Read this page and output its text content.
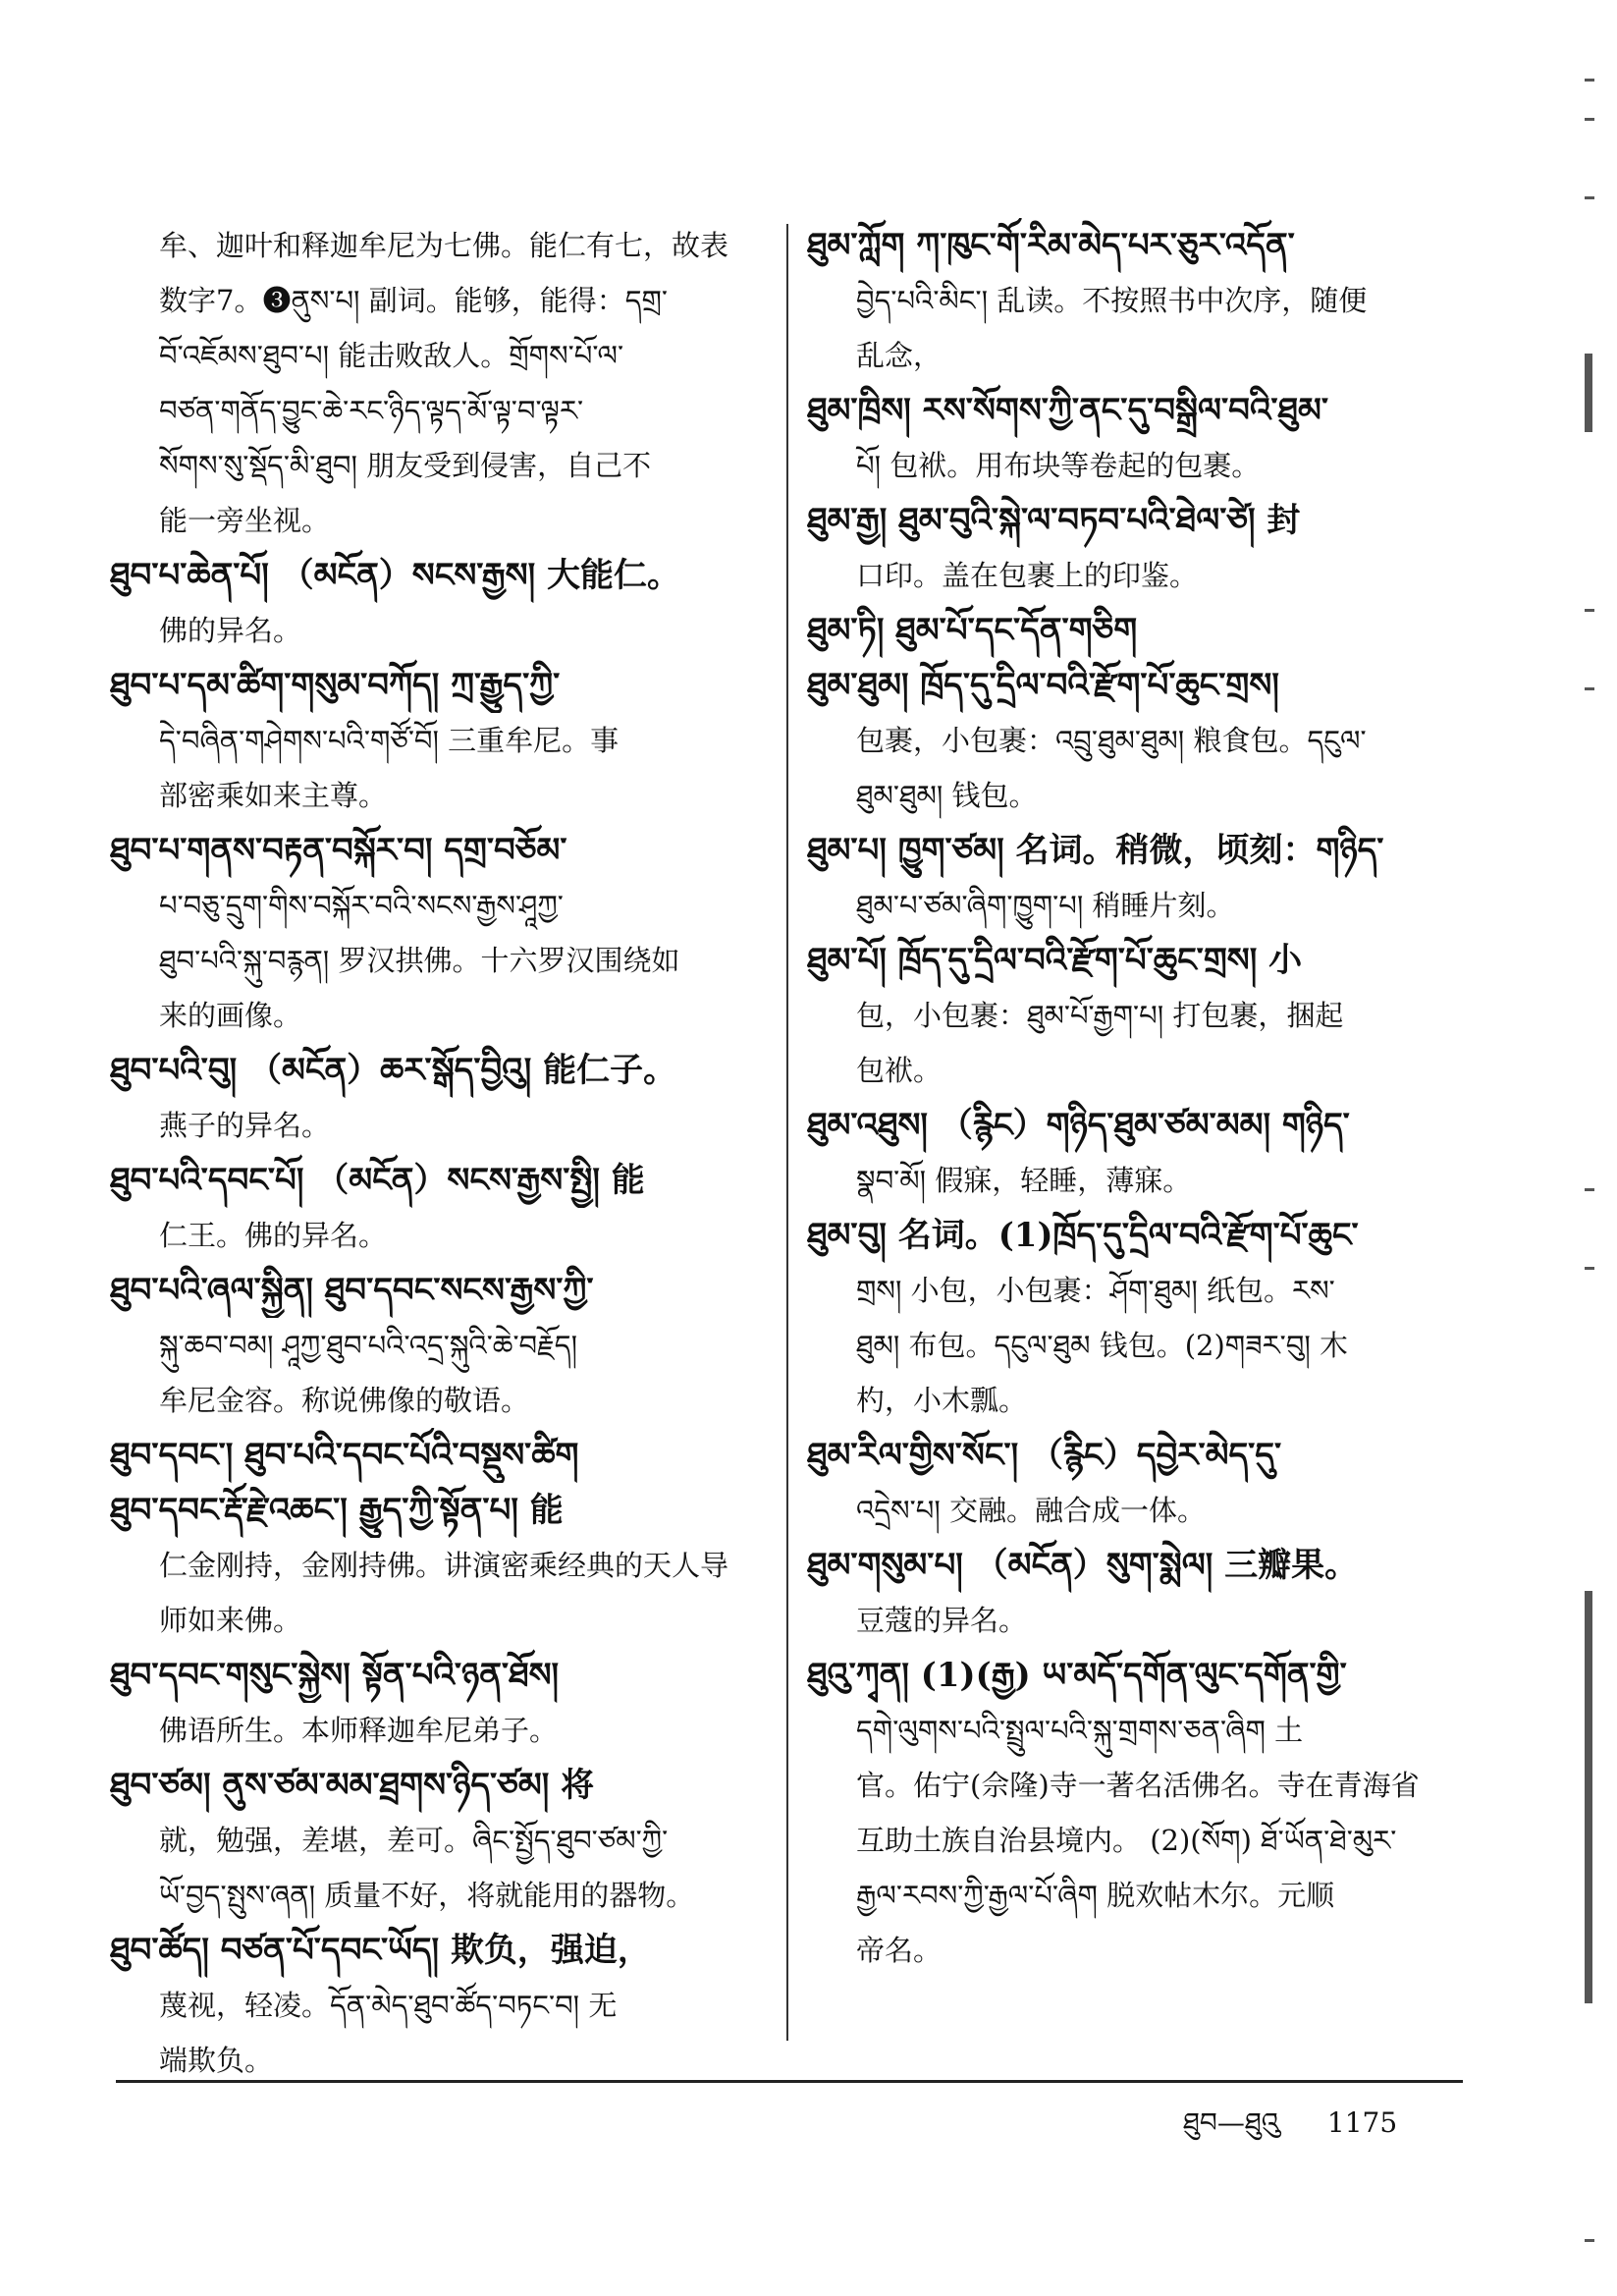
牟、迦叶和释迦牟尼为七佛。能仁有七，故表
数字7。❸ནུས་པ། 副词。能够，能得：དགྲ་
བོ་འཇོམས་ཐུབ་པ། 能击败敌人。གྲོགས་པོ་ལ་
བཙན་གནོད་བྱུང་ཆེ་རང་ཉིད་ལྟད་མོ་ལྟ་བ་ལྟར་
སོགས་སུ་སྡོད་མི་ཐུབ། 朋友受到侵害，自己不
能一旁坐视。
ཐུབ་པ་ཆེན་པོ། （མངོན）སངས་རྒྱས། 大能仁。
佛的异名。
ཐུབ་པ་དམ་ཚིག་གསུམ་བཀོད། ཀྲ་རྒྱུད་ཀྱི་
དེ་བཞིན་གཤེགས་པའི་གཙོ་བོ། 三重牟尼。事
部密乘如来主尊。
ཐུབ་པ་གནས་བརྟན་བསྐོར་བ། དགྲ་བཅོམ་
པ་བཅུ་དྲུག་གིས་བསྐོར་བའི་སངས་རྒྱས་ཤཱཀྱ་
ཐུབ་པའི་སྐུ་བརྙན། 罗汉拱佛。十六罗汉围绕如
来的画像。
ཐུབ་པའི་བུ། （མངོན）ཆར་སྒོད་བྱིའུ། 能仁子。
燕子的异名。
ཐུབ་པའི་དབང་པོ། （མངོན）སངས་རྒྱས་སྤྱི། 能
仁王。佛的异名。
ཐུབ་པའི་ཞལ་སྐྱིན། ཐུབ་དབང་སངས་རྒྱས་ཀྱི་
སྐུ་ཆབ་བམ། ཤཱཀྱ་ཐུབ་པའི་འདྲ་སྐུའི་ཆེ་བརྗོད།
牟尼金容。称说佛像的敬语。
ཐུབ་དབང་། ཐུབ་པའི་དབང་པོའི་བསྡུས་ཚིག
ཐུབ་དབང་རྡོ་རྗེ་འཆང་། རྒྱུད་ཀྱི་སྟོན་པ། 能
仁金刚持，金刚持佛。讲演密乘经典的天人导
师如来佛。
ཐུབ་དབང་གསུང་སྐྱེས། སྟོན་པའི་ཉན་ཐོས།
佛语所生。本师释迦牟尼弟子。
ཐུབ་ཙམ། ནུས་ཙམ་མམ་ཐྲགས་ཉིད་ཙམ། 将
就，勉强，差堪，差可。ཞིང་སྤྱོད་ཐུབ་ཙམ་ཀྱི་
ཡོ་བྱད་སྤུས་ཞན། 质量不好，将就能用的器物。
ཐུབ་ཚོད། བཙན་པོ་དབང་ཡོད། 欺负，强迫，
蔑视，轻凌。དོན་མེད་ཐུབ་ཚོད་བཏང་བ། 无
端欺负。
ཐུམ་ཀློག ཀ་ཁུང་གོ་རིམ་མེད་པར་ཅུར་འདོན་
བྱེད་པའི་མིང་། 乱读。不按照书中次序，随便
乱念，
ཐུམ་ཁྲིས། རས་སོགས་ཀྱི་ནང་དུ་བསྒྲིལ་བའི་ཐུམ་
པོ། 包袱。用布块等卷起的包裹。
ཐུམ་རྒྱ། ཐུམ་བུའི་སྐེ་ལ་བཏབ་པའི་ཐེལ་ཙེ། 封
口印。盖在包裹上的印鉴。
ཐུམ་ཏི། ཐུམ་པོ་དང་དོན་གཅིག
ཐུམ་ཐུམ། ཁྲོད་དུ་དྲིལ་བའི་རྫོག་པོ་ཆུང་གྲས།
包裹，小包裹：འབྲུ་ཐུམ་ཐུམ། 粮食包。དངུལ་
ཐུམ་ཐུམ། 钱包。
ཐུམ་པ། ཁྱུག་ཙམ། 名词。稍微，顷刻：གཉིད་
ཐུམ་པ་ཙམ་ཞིག་ཁྱུག་པ། 稍睡片刻。
ཐུམ་པོ། ཁྲོད་དུ་དྲིལ་བའི་རྫོག་པོ་ཆུང་གྲས། 小
包，小包裹：ཐུམ་པོ་རྒྱག་པ། 打包裹，捆起
包袱。
ཐུམ་འཐུས། （རྙིང）གཉིད་ཐུམ་ཙམ་མམ། གཉིད་
སྣབ་མོ། 假寐，轻睡，薄寐。
ཐུམ་བུ། 名词。(1)ཁྲོད་དུ་དྲིལ་བའི་རྫོག་པོ་ཆུང་
གྲས། 小包，小包裹：ཤོག་ཐུམ། 纸包。རས་
ཐུམ། 布包。དངུལ་ཐུམ 钱包。(2)གཟར་བུ། 木
杓，小木瓢。
ཐུམ་རིལ་གྱིས་སོང་། （རྙིང）དབྱེར་མེད་དུ་
འདྲེས་པ། 交融。融合成一体。
ཐུམ་གསུམ་པ། （མངོན）སུག་སྨེལ། 三瓣果。
豆蔻的异名。
ཐུའུ་ཀྭན། (1)(རྒྱ) ཡ་མདོ་དགོན་ལུང་དགོན་གྱི་
དགེ་ལུགས་པའི་སྤྲུལ་པའི་སྐུ་གྲགས་ཅན་ཞིག 土
官。佑宁(佘隆)寺一著名活佛名。寺在青海省
互助土族自治县境内。 (2)(སོག) ཐོ་ཡོན་ཐེ་མུར་
རྒྱལ་རབས་ཀྱི་རྒྱལ་པོ་ཞིག 脱欢帖木尔。元顺
帝名。
ཐུབ—ཐུའུ 1175
